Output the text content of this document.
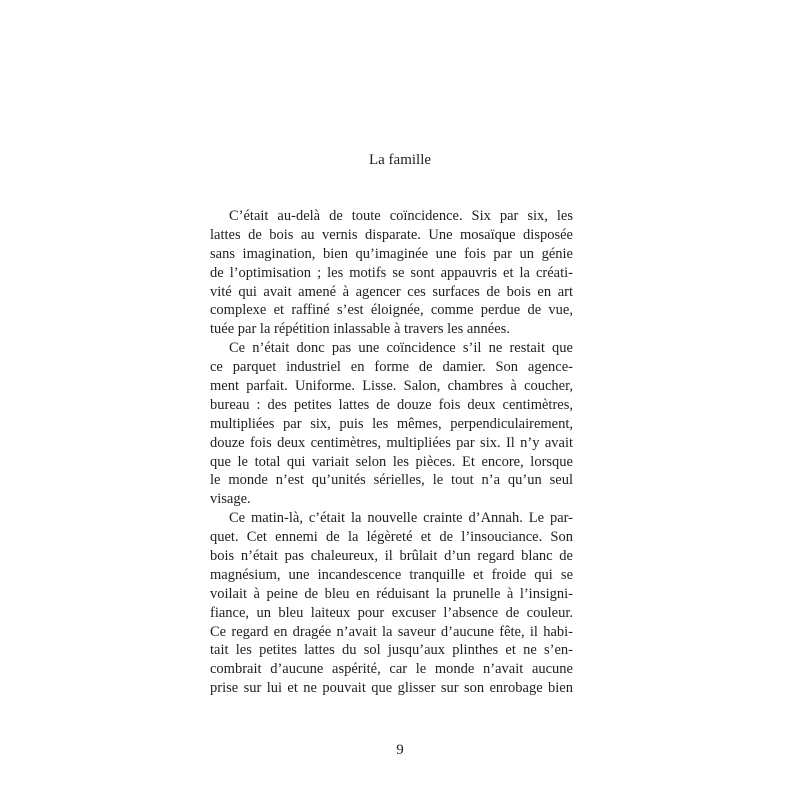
La famille
C’était au-delà de toute coïncidence. Six par six, les
lattes de bois au vernis disparate. Une mosaïque disposée
sans imagination, bien qu’imaginée une fois par un génie
de l’optimisation ; les motifs se sont appauvris et la créati-
vité qui avait amené à agencer ces surfaces de bois en art
complexe et raffiné s’est éloignée, comme perdue de vue,
tuée par la répétition inlassable à travers les années.
Ce n’était donc pas une coïncidence s’il ne restait que
ce parquet industriel en forme de damier. Son agence-
ment parfait. Uniforme. Lisse. Salon, chambres à coucher,
bureau : des petites lattes de douze fois deux centimètres,
multipliées par six, puis les mêmes, perpendiculairement,
douze fois deux centimètres, multipliées par six. Il n’y avait
que le total qui variait selon les pièces. Et encore, lorsque
le monde n’est qu’unités sérielles, le tout n’a qu’un seul
visage.
Ce matin-là, c’était la nouvelle crainte d’Annah. Le par-
quet. Cet ennemi de la légèreté et de l’insouciance. Son
bois n’était pas chaleureux, il brûlait d’un regard blanc de
magnésium, une incandescence tranquille et froide qui se
voilait à peine de bleu en réduisant la prunelle à l’insigni-
fiance, un bleu laiteux pour excuser l’absence de couleur.
Ce regard en dragée n’avait la saveur d’aucune fête, il habi-
tait les petites lattes du sol jusqu’aux plinthes et ne s’en-
combrait d’aucune aspérité, car le monde n’avait aucune
prise sur lui et ne pouvait que glisser sur son enrobage bien
9
